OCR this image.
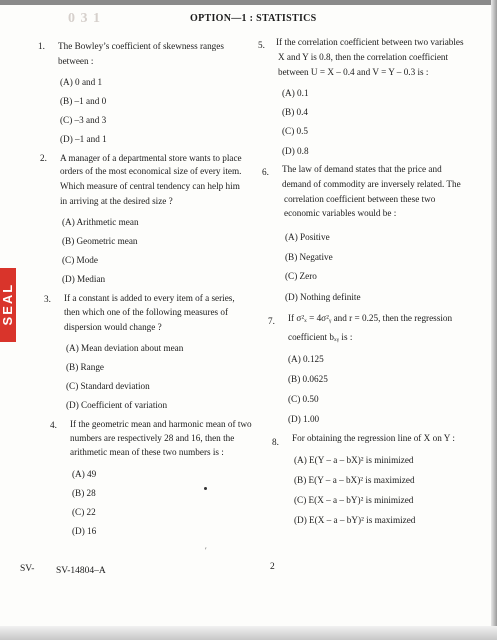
0 3 1	OPTION—1 : STATISTICS
SEAL
1. The Bowley’s coefficient of skewness ranges
between :
(A) 0 and 1
(B) –1 and 0
(C) –3 and 3
(D) –1 and 1
2. A manager of a departmental store wants to place
orders of the most economical size of every item.
Which measure of central tendency can help him
in arriving at the desired size ?
(A) Arithmetic mean
(B) Geometric mean
(C) Mode
(D) Median
3. If a constant is added to every item of a series,
then which one of the following measures of
dispersion would change ?
(A) Mean deviation about mean
(B) Range
(C) Standard deviation
(D) Coefficient of variation
4. If the geometric mean and harmonic mean of two
numbers are respectively 28 and 16, then the
arithmetic mean of these two numbers is :
(A) 49
(B) 28
(C) 22
(D) 16
5. If the correlation coefficient between two variables
X and Y is 0.8, then the correlation coefficient
between U = X – 0.4 and V = Y – 0.3 is :
(A) 0.1
(B) 0.4
(C) 0.5
(D) 0.8
6. The law of demand states that the price and
demand of commodity are inversely related. The
correlation coefficient between these two
economic variables would be :
(A) Positive
(B) Negative
(C) Zero
(D) Nothing definite
7. If σ²ₓ = 4σ²ᵧ and r = 0.25, then the regression
coefficient bₓᵧ is :
(A) 0.125
(B) 0.0625
(C) 0.50
(D) 1.00
8. For obtaining the regression line of X on Y :
(A) E(Y – a – bX)² is minimized
(B) E(Y – a – bX)² is maximized
(C) E(X – a – bY)² is minimized
(D) E(X – a – bY)² is maximized
′
SV- SV-14804–A	2
